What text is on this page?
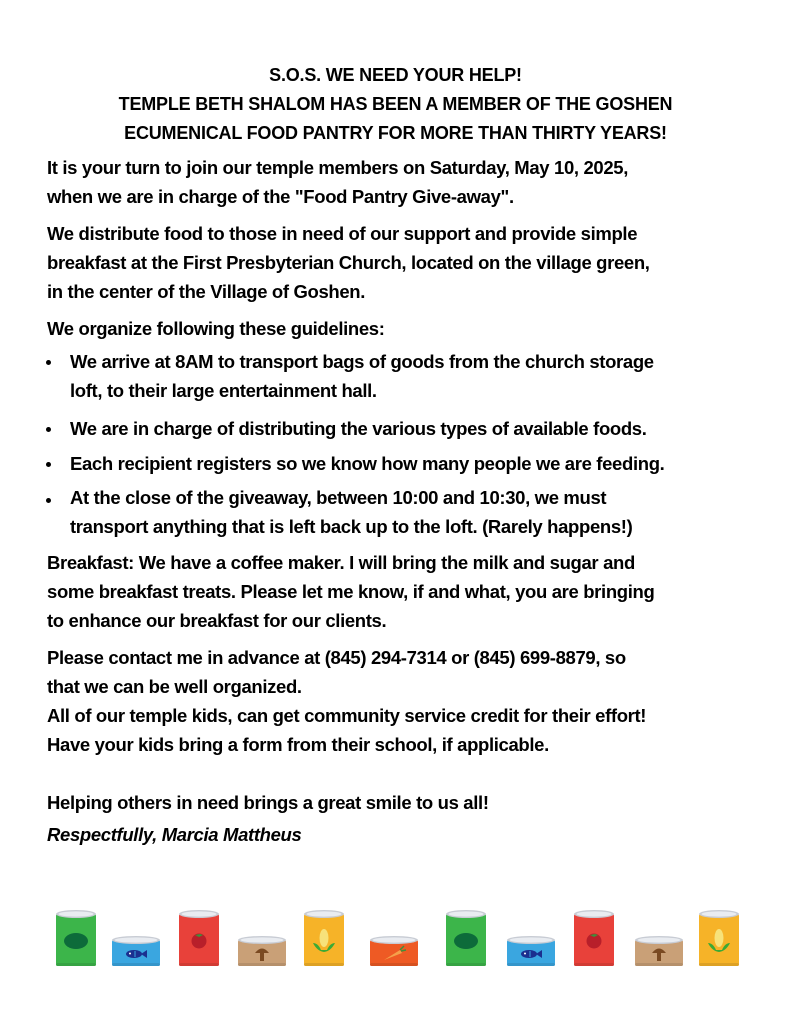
S.O.S. WE NEED YOUR HELP!
TEMPLE BETH SHALOM HAS BEEN A MEMBER OF THE GOSHEN
ECUMENICAL FOOD PANTRY FOR MORE THAN THIRTY YEARS!
It is your turn to join our temple members on Saturday, May 10, 2025,
when we are in charge of the "Food Pantry Give-away".
We distribute food to those in need of our support and provide simple
breakfast at the First Presbyterian Church, located on the village green,
in the center of the Village of Goshen.
We organize following these guidelines:
We arrive at 8AM to transport bags of goods from the church storage
loft, to their large entertainment hall.
We are in charge of distributing the various types of available foods.
Each recipient registers so we know how many people we are feeding.
At the close of the giveaway, between 10:00 and 10:30, we must
transport anything that is left back up to the loft. (Rarely happens!)
Breakfast: We have a coffee maker. I will bring the milk and sugar and
some breakfast treats. Please let me know, if and what, you are bringing
to enhance our breakfast for our clients.
Please contact me in advance at (845) 294-7314 or (845) 699-8879, so
that we can be well organized.
All of our temple kids, can get community service credit for their effort!
Have your kids bring a form from their school, if applicable.
Helping others in need brings a great smile to us all!
Respectfully, Marcia Mattheus
